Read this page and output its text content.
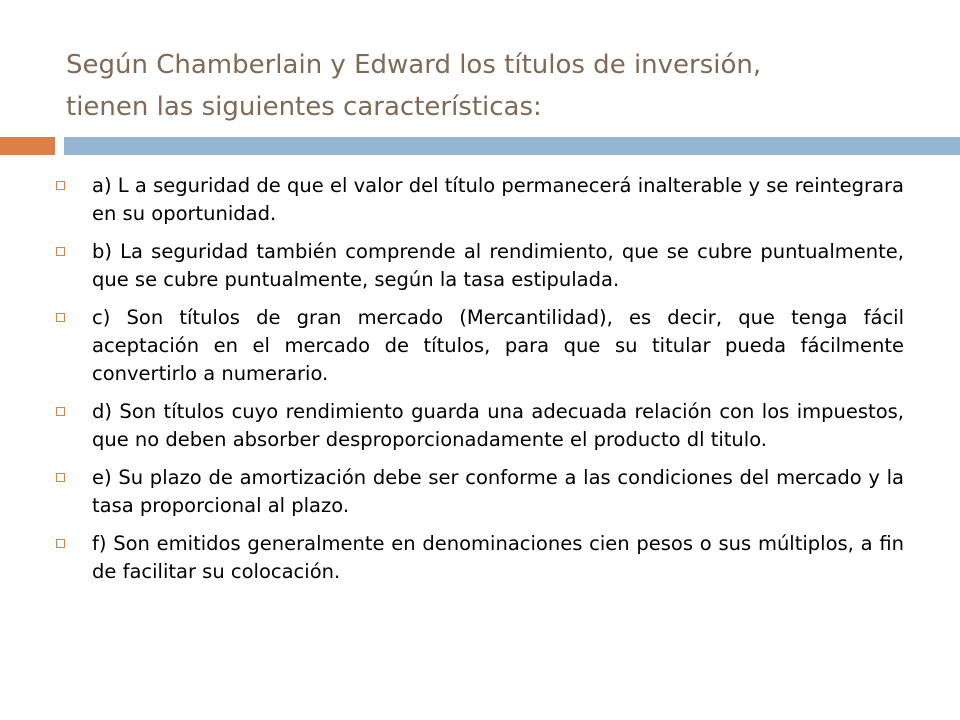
Según Chamberlain y Edward los títulos de inversión,
tienen las siguientes características:
a) L a seguridad de que el valor del título permanecerá inalterable y se reintegrara en su oportunidad.
b) La seguridad también comprende al rendimiento, que se cubre puntualmente, que se cubre puntualmente, según la tasa estipulada.
c) Son títulos de gran mercado (Mercantilidad), es decir, que tenga fácil aceptación en el mercado de títulos, para que su titular pueda fácilmente convertirlo a numerario.
d) Son títulos cuyo rendimiento guarda una adecuada relación con los impuestos, que no deben absorber desproporcionadamente el producto dl titulo.
e) Su plazo de amortización debe ser conforme a las condiciones del mercado y la tasa proporcional al plazo.
f) Son emitidos generalmente en denominaciones cien pesos o sus múltiplos, a fin de facilitar su colocación.
